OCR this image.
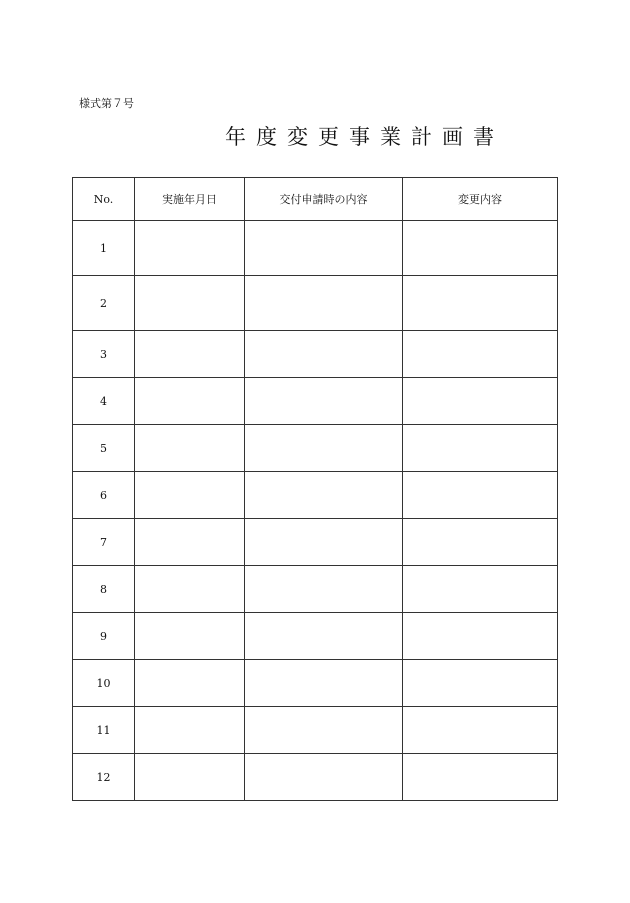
様式第７号
年度変更事業計画書
No.	実施年月日	交付申請時の内容	変更内容
1			
2			
3			
4			
5			
6			
7			
8			
9			
10			
11			
12			
